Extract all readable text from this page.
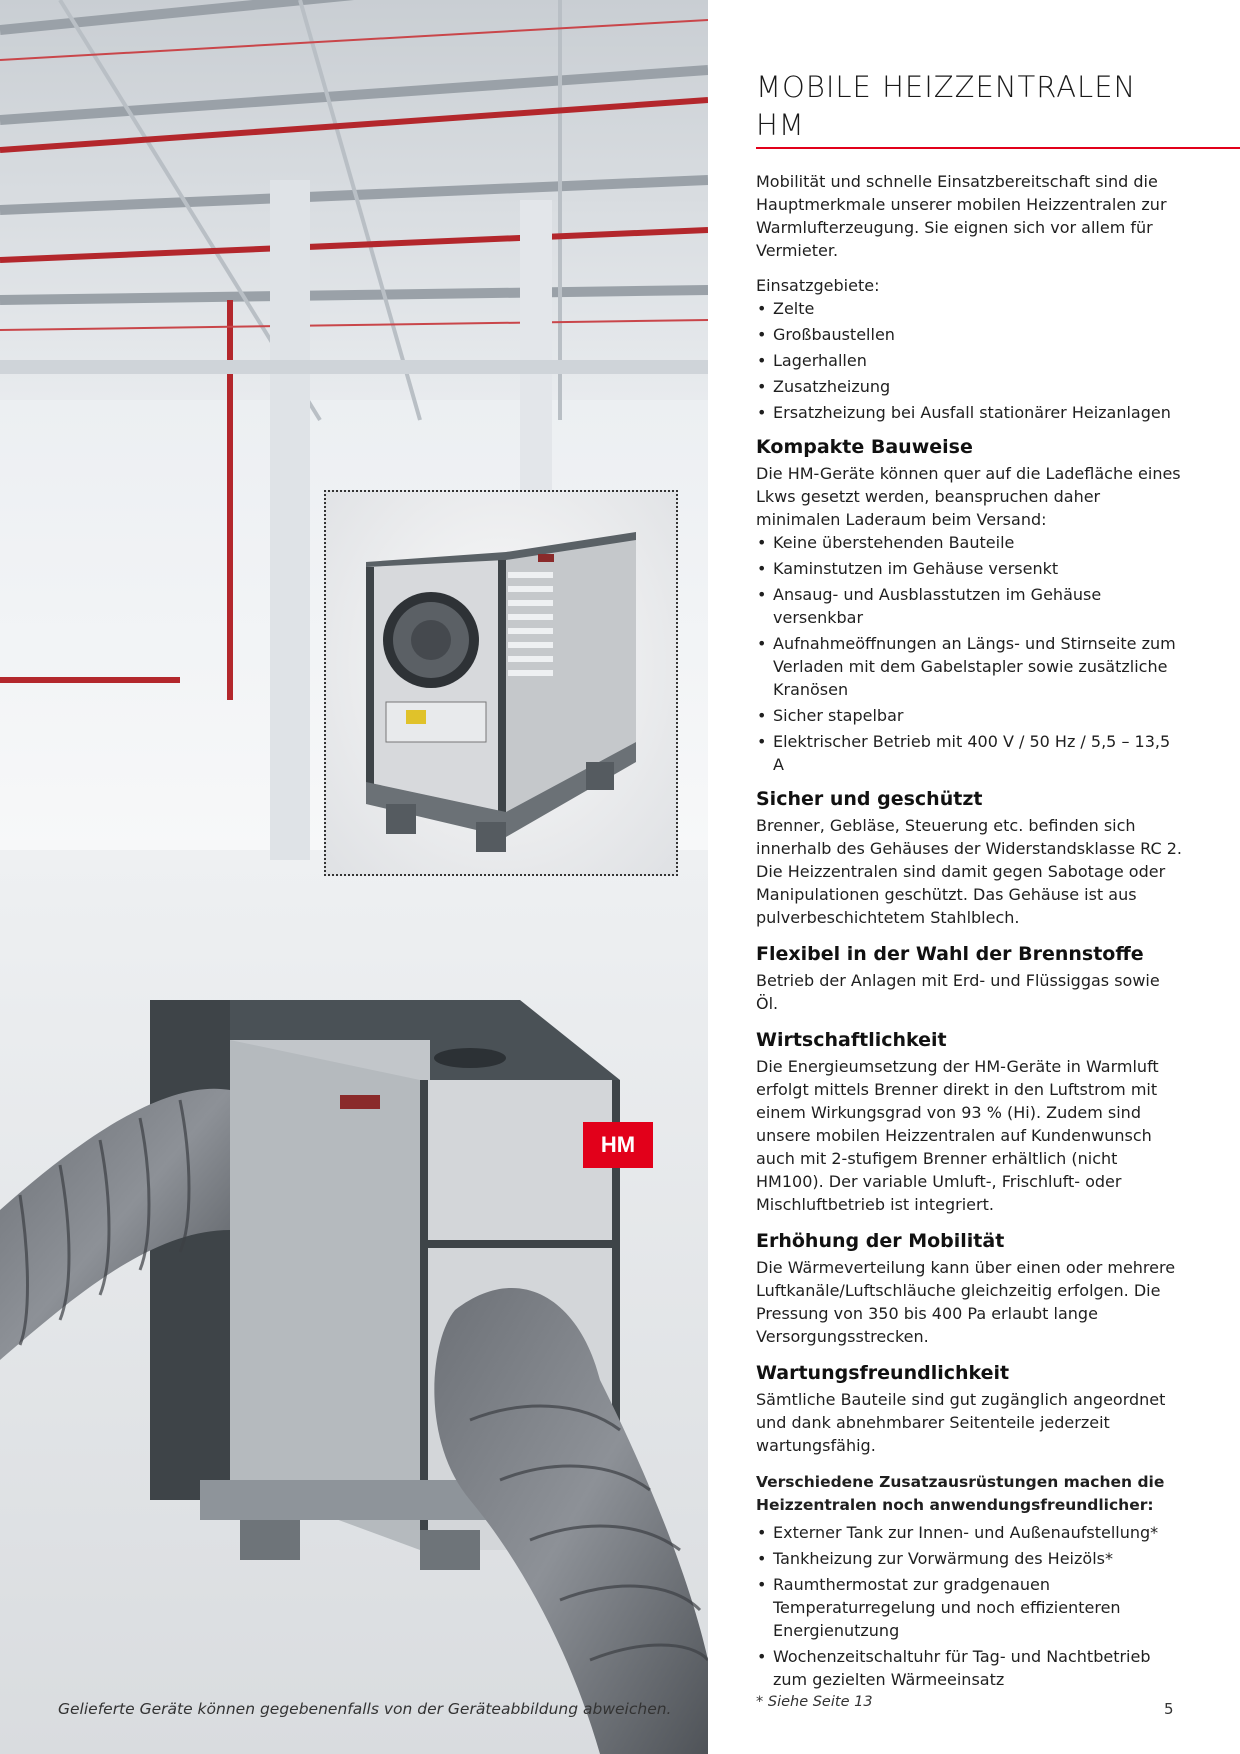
HM
Gelieferte Geräte können gegebenenfalls von der Geräteabbildung abweichen.
MOBILE HEIZZENTRALEN
HM

Mobilität und schnelle Einsatzbereitschaft sind die Hauptmerkmale unserer mobilen Heizzentralen zur Warmlufterzeugung. Sie eignen sich vor allem für Vermieter.

Einsatzgebiete:

• Zelte
• Großbaustellen
• Lagerhallen
• Zusatzheizung
• Ersatzheizung bei Ausfall stationärer Heizanlagen
Kompakte Bauweise

Die HM-Geräte können quer auf die Ladefläche eines Lkws gesetzt werden, beanspruchen daher minimalen Laderaum beim Versand:

• Keine überstehenden Bauteile
• Kaminstutzen im Gehäuse versenkt
• Ansaug- und Ausblasstutzen im Gehäuse versenkbar
• Aufnahmeöffnungen an Längs- und Stirnseite zum Verladen mit dem Gabelstapler sowie zusätzliche Kranösen
• Sicher stapelbar
• Elektrischer Betrieb mit 400 V / 50 Hz / 5,5 – 13,5 A
Sicher und geschützt

Brenner, Gebläse, Steuerung etc. befinden sich innerhalb des Gehäuses der Widerstandsklasse RC 2. Die Heizzentralen sind damit gegen Sabotage oder Manipulationen geschützt. Das Gehäuse ist aus pulverbeschichtetem Stahlblech.

Flexibel in der Wahl der Brennstoffe

Betrieb der Anlagen mit Erd- und Flüssiggas sowie Öl.

Wirtschaftlichkeit

Die Energieumsetzung der HM-Geräte in Warmluft erfolgt mittels Brenner direkt in den Luftstrom mit einem Wirkungsgrad von 93 % (Hi). Zudem sind unsere mobilen Heizzentralen auf Kundenwunsch auch mit 2-stufigem Brenner erhältlich (nicht HM100). Der variable Umluft-, Frischluft- oder Mischluftbetrieb ist integriert.

Erhöhung der Mobilität

Die Wärmeverteilung kann über einen oder mehrere Luftkanäle/Luftschläuche gleichzeitig erfolgen. Die Pressung von 350 bis 400 Pa erlaubt lange Versorgungsstrecken.

Wartungsfreundlichkeit

Sämtliche Bauteile sind gut zugänglich angeordnet und dank abnehmbarer Seitenteile jederzeit wartungsfähig.

Verschiedene Zusatzausrüstungen machen die Heizzentralen noch anwendungsfreundlicher:

• Externer Tank zur Innen- und Außenaufstellung*
• Tankheizung zur Vorwärmung des Heizöls*
• Raumthermostat zur gradgenauen Temperaturregelung und noch effizienteren Energienutzung
• Wochenzeitschaltuhr für Tag- und Nachtbetrieb zum gezielten Wärmeeinsatz
* Siehe Seite 13	5
